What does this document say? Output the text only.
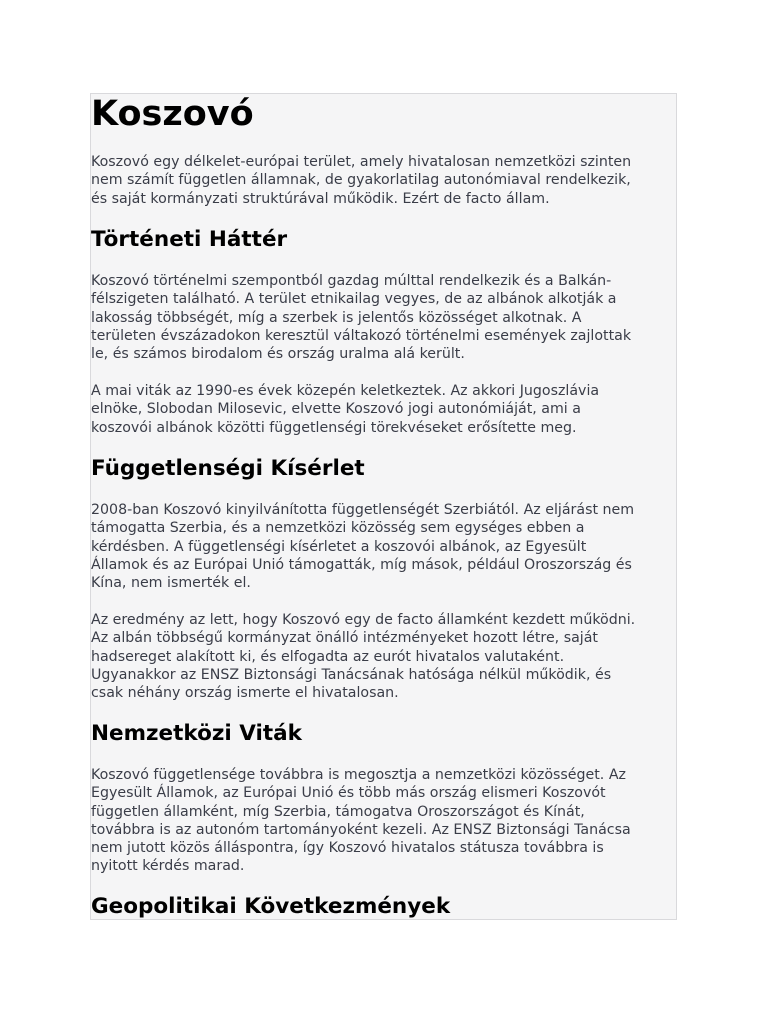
Koszovó

Koszovó egy délkelet-európai terület, amely hivatalosan nemzetközi szinten
nem számít független államnak, de gyakorlatilag autonómiaval rendelkezik,
és saját kormányzati struktúrával működik. Ezért de facto állam.

Történeti Háttér

Koszovó történelmi szempontból gazdag múlttal rendelkezik és a Balkán-
félszigeten található. A terület etnikailag vegyes, de az albánok alkotják a
lakosság többségét, míg a szerbek is jelentős közösséget alkotnak. A
területen évszázadokon keresztül váltakozó történelmi események zajlottak
le, és számos birodalom és ország uralma alá került.

A mai viták az 1990-es évek közepén keletkeztek. Az akkori Jugoszlávia
elnöke, Slobodan Milosevic, elvette Koszovó jogi autonómiáját, ami a
koszovói albánok közötti függetlenségi törekvéseket erősítette meg.

Függetlenségi Kísérlet

2008-ban Koszovó kinyilvánította függetlenségét Szerbiától. Az eljárást nem
támogatta Szerbia, és a nemzetközi közösség sem egységes ebben a
kérdésben. A függetlenségi kísérletet a koszovói albánok, az Egyesült
Államok és az Európai Unió támogatták, míg mások, például Oroszország és
Kína, nem ismerték el.

Az eredmény az lett, hogy Koszovó egy de facto államként kezdett működni.
Az albán többségű kormányzat önálló intézményeket hozott létre, saját
hadsereget alakított ki, és elfogadta az eurót hivatalos valutaként.
Ugyanakkor az ENSZ Biztonsági Tanácsának hatósága nélkül működik, és
csak néhány ország ismerte el hivatalosan.

Nemzetközi Viták

Koszovó függetlensége továbbra is megosztja a nemzetközi közösséget. Az
Egyesült Államok, az Európai Unió és több más ország elismeri Koszovót
független államként, míg Szerbia, támogatva Oroszországot és Kínát,
továbbra is az autonóm tartományoként kezeli. Az ENSZ Biztonsági Tanácsa
nem jutott közös álláspontra, így Koszovó hivatalos státusza továbbra is
nyitott kérdés marad.

Geopolitikai Következmények
